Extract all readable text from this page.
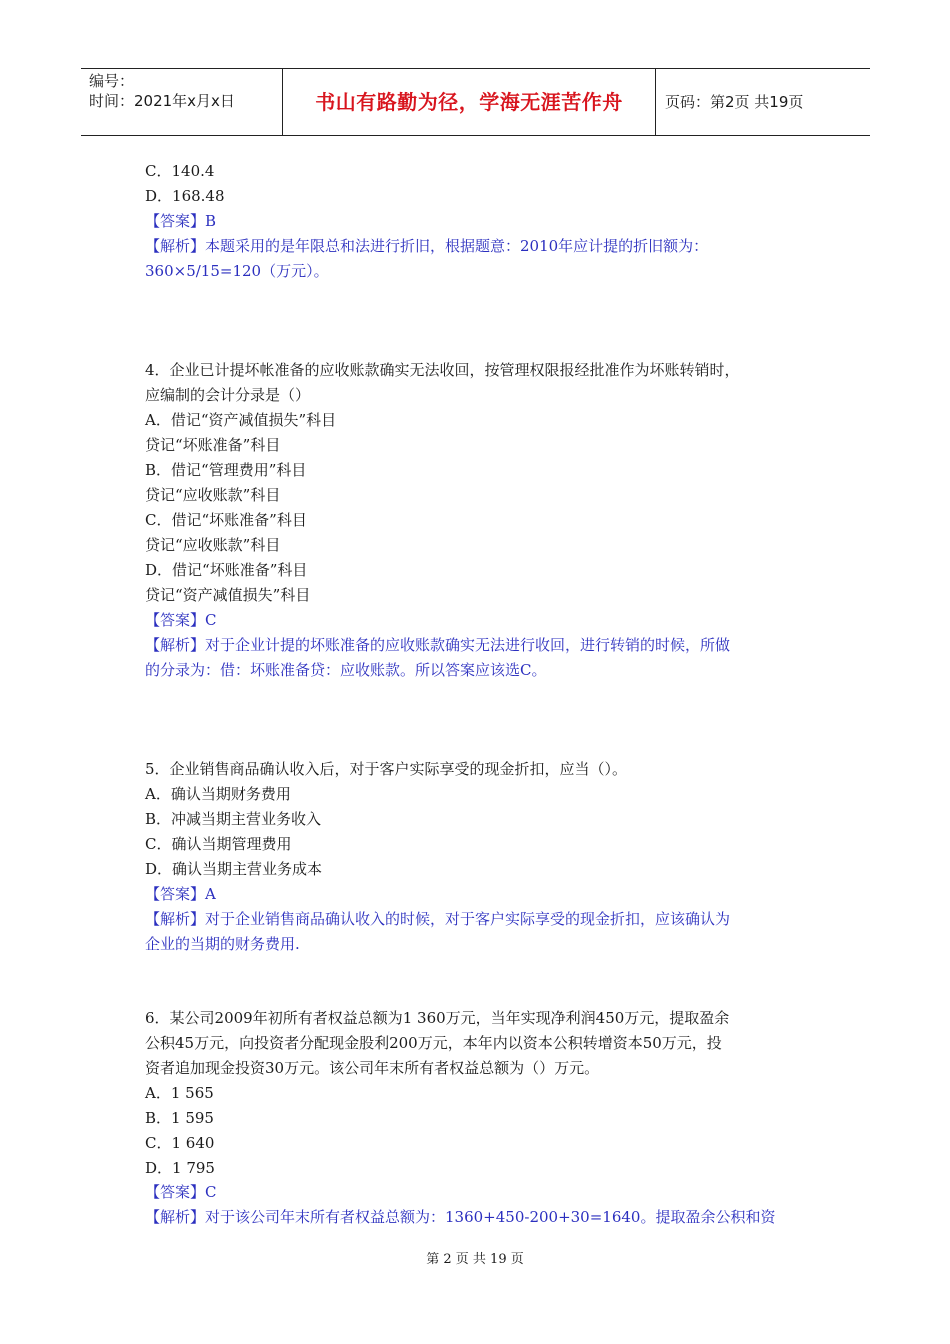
编号：
时间：2021年x月x日	书山有路勤为径，学海无涯苦作舟	页码：第2页 共19页
C．140.4
D．168.48
【答案】B
【解析】本题采用的是年限总和法进行折旧，根据题意：2010年应计提的折旧额为：
360×5/15=120（万元）。
4．企业已计提坏帐准备的应收账款确实无法收回，按管理权限报经批准作为坏账转销时，
应编制的会计分录是（）
A．借记“资产减值损失”科目
贷记“坏账准备”科目
B．借记“管理费用”科目
贷记“应收账款”科目
C．借记“坏账准备”科目
贷记“应收账款”科目
D．借记“坏账准备”科目
贷记“资产减值损失”科目
【答案】C
【解析】对于企业计提的坏账准备的应收账款确实无法进行收回，进行转销的时候，所做
的分录为：借：坏账准备贷：应收账款。所以答案应该选C。
5．企业销售商品确认收入后，对于客户实际享受的现金折扣，应当（）。
A．确认当期财务费用
B．冲减当期主营业务收入
C．确认当期管理费用
D．确认当期主营业务成本
【答案】A
【解析】对于企业销售商品确认收入的时候，对于客户实际享受的现金折扣，应该确认为
企业的当期的财务费用.
6．某公司2009年初所有者权益总额为1 360万元，当年实现净利润450万元，提取盈余
公积45万元，向投资者分配现金股利200万元，本年内以资本公积转增资本50万元，投
资者追加现金投资30万元。该公司年末所有者权益总额为（）万元。
A．1 565
B．1 595
C．1 640
D．1 795
【答案】C
【解析】对于该公司年末所有者权益总额为：1360+450-200+30=1640。提取盈余公积和资
第 2 页 共 19 页
